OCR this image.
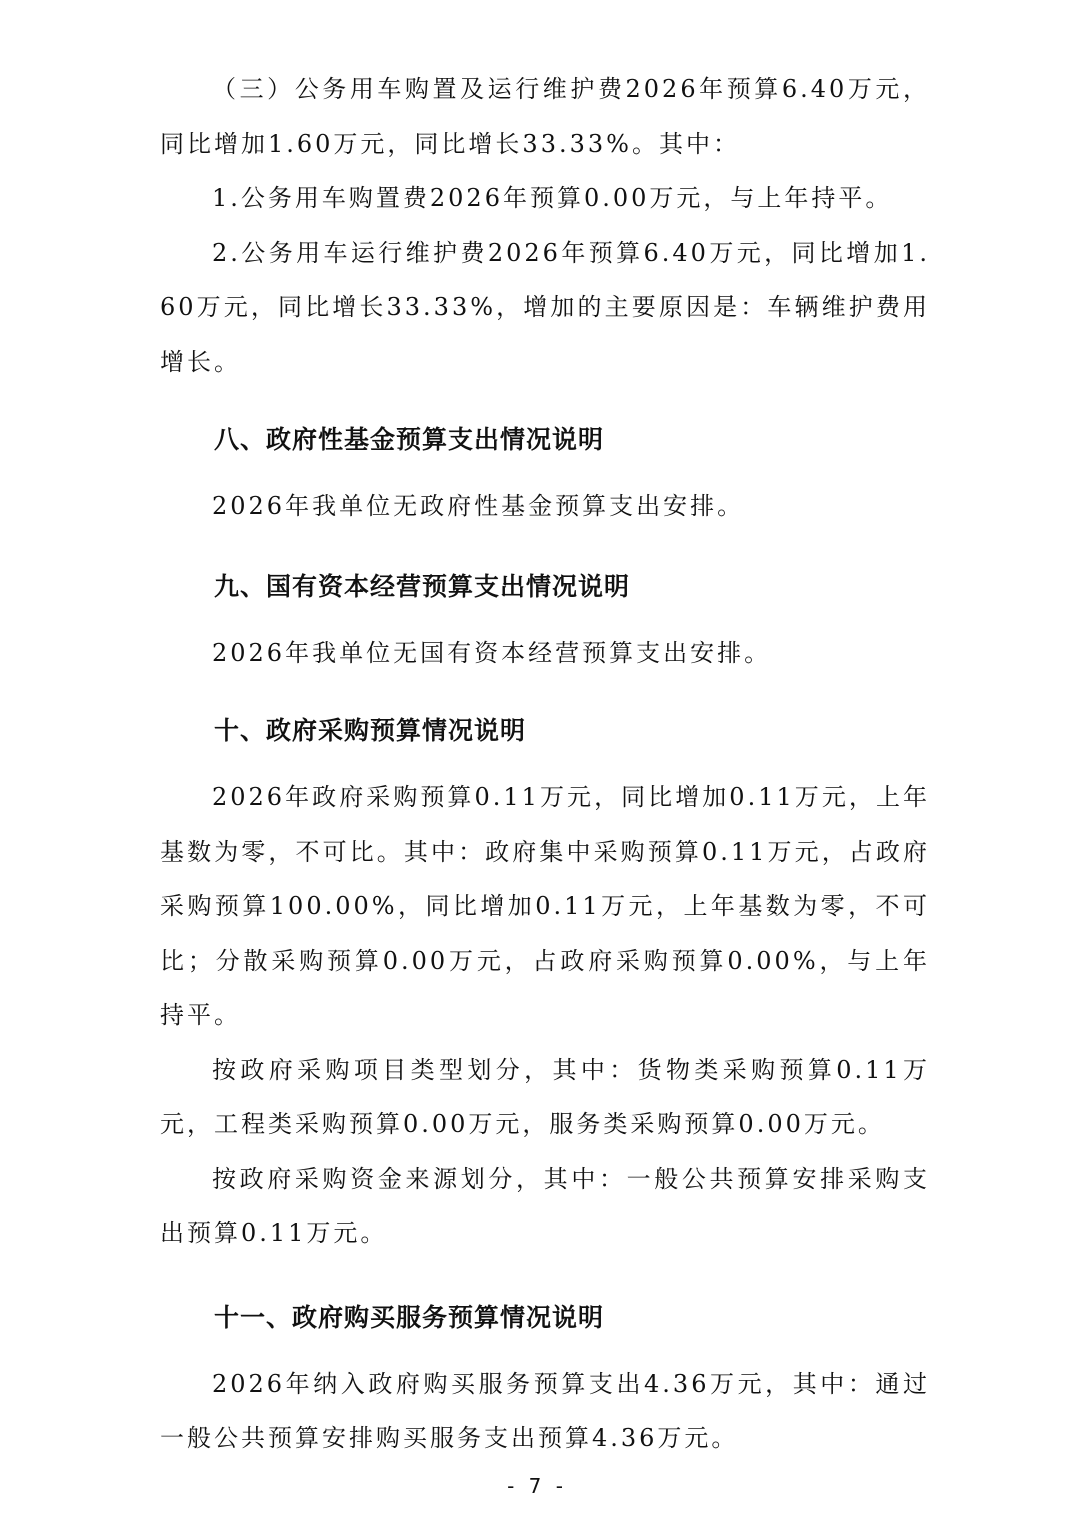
（三）公务用车购置及运行维护费2026年预算6.40万元，同比增加1.60万元，同比增长33.33%。其中：

1.公务用车购置费2026年预算0.00万元，与上年持平。

2.公务用车运行维护费2026年预算6.40万元，同比增加1.60万元，同比增长33.33%，增加的主要原因是：车辆维护费用增长。

八、政府性基金预算支出情况说明

2026年我单位无政府性基金预算支出安排。

九、国有资本经营预算支出情况说明

2026年我单位无国有资本经营预算支出安排。

十、政府采购预算情况说明

2026年政府采购预算0.11万元，同比增加0.11万元，上年基数为零，不可比。其中：政府集中采购预算0.11万元，占政府采购预算100.00%，同比增加0.11万元，上年基数为零，不可比；分散采购预算0.00万元，占政府采购预算0.00%，与上年持平。

按政府采购项目类型划分，其中：货物类采购预算0.11万元，工程类采购预算0.00万元，服务类采购预算0.00万元。

按政府采购资金来源划分，其中：一般公共预算安排采购支出预算0.11万元。

十一、政府购买服务预算情况说明

2026年纳入政府购买服务预算支出4.36万元，其中：通过一般公共预算安排购买服务支出预算4.36万元。

- 7 -
